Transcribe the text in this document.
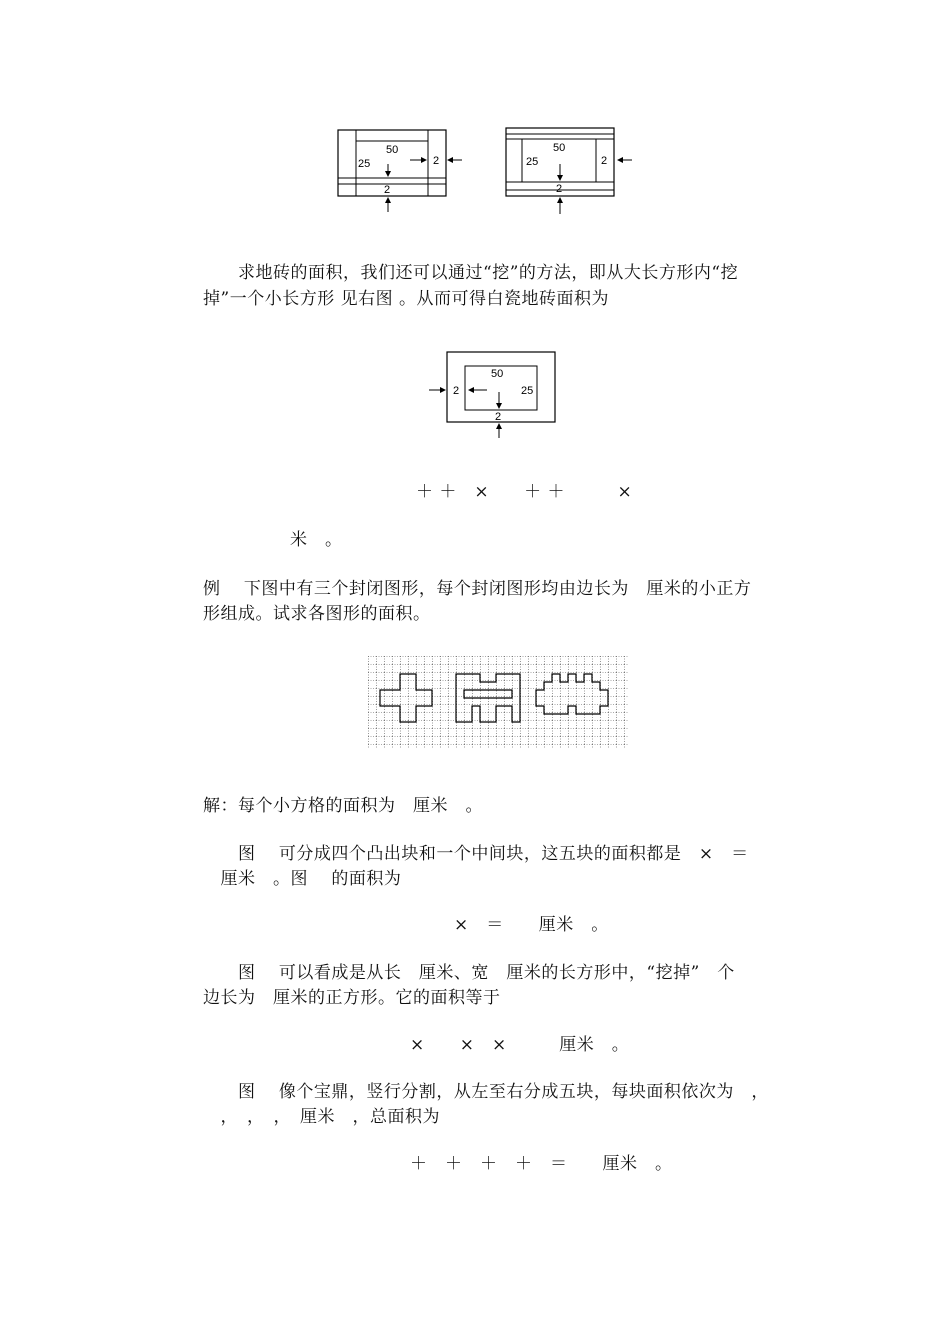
50
25	2
2
50
25	2
2
　　求地砖的面积，我们还可以通过“挖”的方法，即从大长方形内“挖
掉”一个小长方形 见右图 。从而可得白瓷地砖面积为
50
25
2
2
＋ ＋　×　　＋ ＋　　　×
米　。
例　 下图中有三个封闭图形，每个封闭图形均由边长为　厘米的小正方
形组成。试求各图形的面积。
解：每个小方格的面积为　厘米　。
　　图　 可分成四个凸出块和一个中间块，这五块的面积都是　×　＝
　厘米　。图　 的面积为
×　＝　　厘米　。
　　图　 可以看成是从长　厘米、宽　厘米的长方形中，“挖掉”　个
边长为　厘米的正方形。它的面积等于
×　　×　×　　　厘米　。
　　图　 像个宝鼎，竖行分割，从左至右分成五块，每块面积依次为　，
　，　，　，　厘米　，总面积为
＋　＋　＋　＋　＝　　厘米　。
